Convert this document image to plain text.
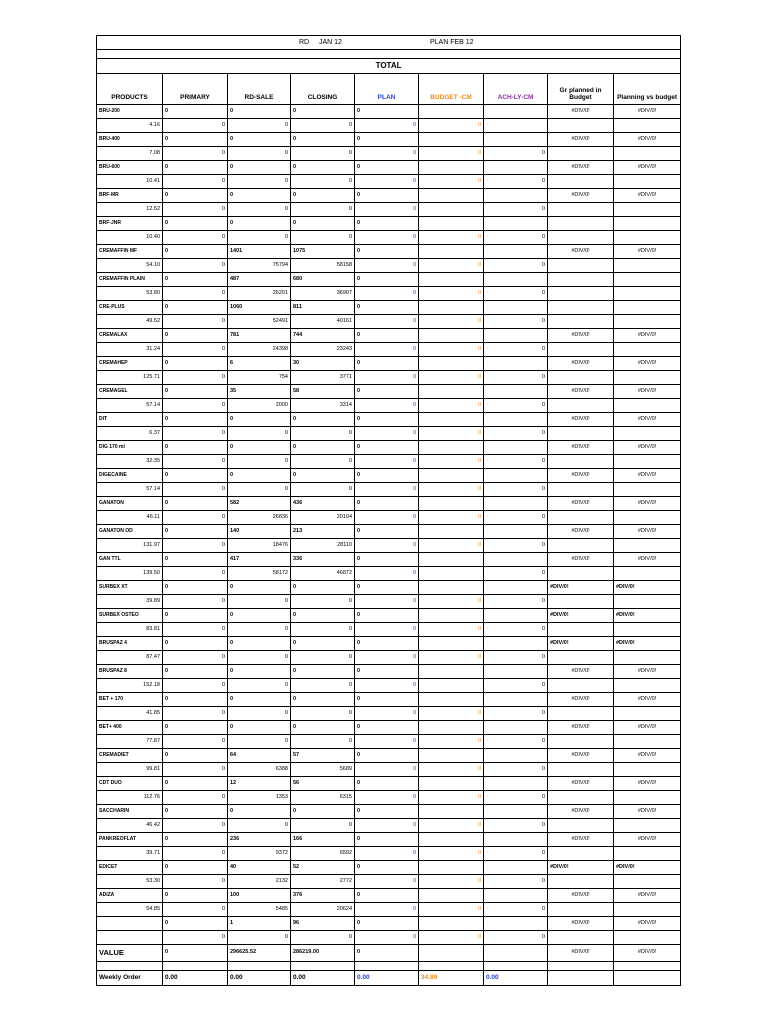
RD JAN 12 PLAN FEB 12								

TOTAL								
PRODUCTS	PRIMARY	RD-SALE	CLOSING	PLAN	BUDGET -CM	ACH-LY-CM	Gr planned in Budget	Planning vs budget
BRU-200	0	0	0	0			#DIV/0!	#DIV/0!
4.16	0	0	0	0	0			
BRU-400	0	0	0	0			#DIV/0!	#DIV/0!
7.08	0	0	0	0	0	0		
BRU-600	0	0	0	0			#DIV/0!	#DIV/0!
10.41	0	0	0	0	0	0		
BRF-MR	0	0	0	0			#DIV/0!	#DIV/0!
12.52	0	0	0	0		0		
BRF-JNR	0	0	0	0				
10.40	0	0	0	0	0	0		
CREMAFFIN MF	0	1401	1075	0			#DIV/0!	#DIV/0!
54.10	0	75794	58158	0	0	0		
CREMAFFIN PLAIN	0	487	680	0				
53.80	0	26201	36907	0	0	0		
CRE-PLUS	0	1060	811	0				
49.52	0	52491	40161	0	0	0		
CREMALAX	0	781	744	0			#DIV/0!	#DIV/0!
31.24	0	24398	23243	0	0	0		
CREMAHEP	0	6	30	0			#DIV/0!	#DIV/0!
125.71	0	754	3771	0	0	0		
CREMAGEL	0	35	58	0			#DIV/0!	#DIV/0!
57.14	0	2000	3314	0	0	0		
DIT	0	0	0	0			#DIV/0!	#DIV/0!
6.37	0	0	0	0	0	0		
DIG 170 ml	0	0	0	0			#DIV/0!	#DIV/0!
32.35	0	0	0	0	0	0		
DIGECAINE	0	0	0	0			#DIV/0!	#DIV/0!
57.14	0	0	0	0	0	0		
GANATON	0	582	436	0			#DIV/0!	#DIV/0!
46.11	0	26836	20104	0	0	0		
GANATON OD	0	140	213	0			#DIV/0!	#DIV/0!
131.97	0	18476	28110	0	0	0		
GAN TTL	0	417	336	0			#DIV/0!	#DIV/0!
139.50	0	58172	46872	0		0		
SURBEX XT	0	0	0	0			#DIV/0!	#DIV/0!
39.89	0	0	0	0	0	0		
SURBEX OSTEO	0	0	0	0			#DIV/0!	#DIV/0!
83.81	0	0	0	0	0	0		
BRUSPAZ 4	0	0	0	0			#DIV/0!	#DIV/0!
87.47	0	0	0	0	0	0		
BRUSPAZ 8	0	0	0	0			#DIV/0!	#DIV/0!
152.18	0	0	0	0		0		
BET + 170	0	0	0	0			#DIV/0!	#DIV/0!
41.85	0	0	0	0	0	0		
BET+ 400	0	0	0	0			#DIV/0!	#DIV/0!
77.87	0	0	0	0	0	0		
CREMADIET	0	64	57	0			#DIV/0!	#DIV/0!
99.81	0	6388	5689	0	0	0		
CDT DUO	0	12	56	0			#DIV/0!	#DIV/0!
112.76	0	1353	6315	0	0	0		
SACCHARIN	0	0	0	0			#DIV/0!	#DIV/0!
46.42	0	0	0	0	0	0		
PANKREOFLAT	0	236	166	0			#DIV/0!	#DIV/0!
39.71	0	9372	6592	0	0	0		
EDICET	0	40	52	0			#DIV/0!	#DIV/0!
53.30	0	2132	2772	0	0	0		
ADIZA	0	100	376	0			#DIV/0!	#DIV/0!
54.85	0	5485	20624	0	0	0		
	0	1	96	0			#DIV/0!	#DIV/0!
	0	0	0	0	0	0		
VALUE	0	296625.52	286219.00	0			#DIV/0!	#DIV/0!

Weekly Order	0.00	0.00	0.00	0.00	34.89	0.00		
